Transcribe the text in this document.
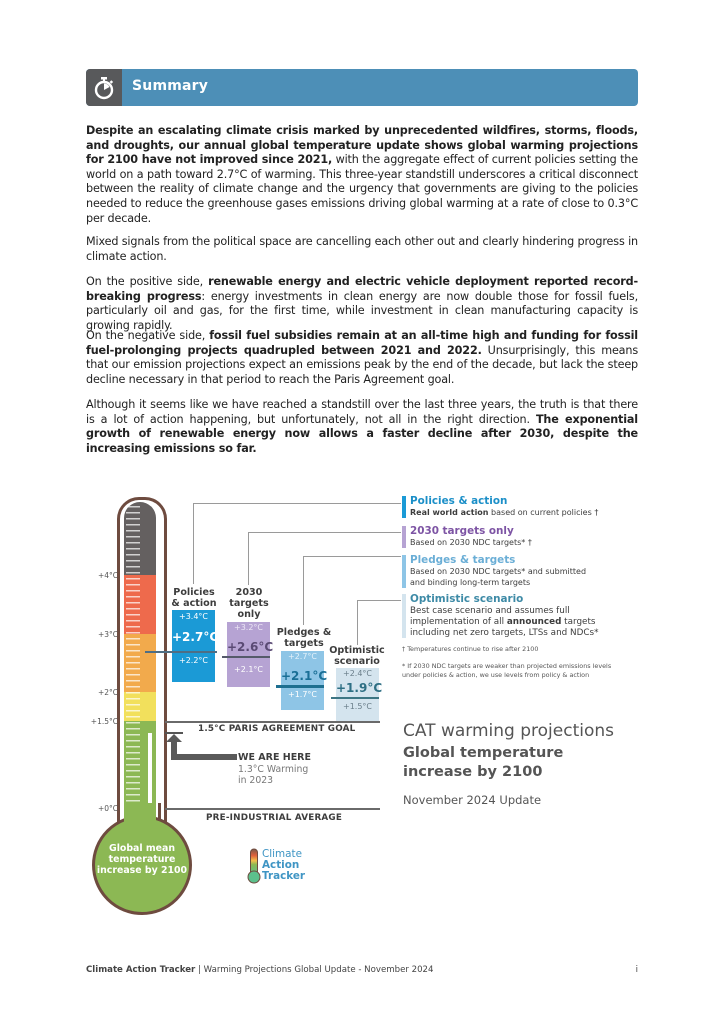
Summary
Despite an escalating climate crisis marked by unprecedented wildfires, storms, floods, and droughts, our annual global temperature update shows global warming projections for 2100 have not improved since 2021, with the aggregate effect of current policies setting the world on a path toward 2.7°C of warming. This three-year standstill underscores a critical disconnect between the reality of climate change and the urgency that governments are giving to the policies needed to reduce the greenhouse gases emissions driving global warming at a rate of close to 0.3°C per decade.
Mixed signals from the political space are cancelling each other out and clearly hindering progress in climate action.
On the positive side, renewable energy and electric vehicle deployment reported record-breaking progress: energy investments in clean energy are now double those for fossil fuels, particularly oil and gas, for the first time, while investment in clean manufacturing capacity is growing rapidly.
On the negative side, fossil fuel subsidies remain at an all-time high and funding for fossil fuel-prolonging projects quadrupled between 2021 and 2022. Unsurprisingly, this means that our emission projections expect an emissions peak by the end of the decade, but lack the steep decline necessary in that period to reach the Paris Agreement goal.
Although it seems like we have reached a standstill over the last three years, the truth is that there is a lot of action happening, but unfortunately, not all in the right direction. The exponential growth of renewable energy now allows a faster decline after 2030, despite the increasing emissions so far.
Global mean temperature increase by 2100
+4°C
+3°C
+2°C
+1.5°C
+0°C
Policies & action
2030 targets only
Pledges & targets
Optimistic scenario
+3.4°C
+2.7°C
+2.2°C
+3.2°C
+2.6°C
+2.1°C
+2.7°C
+2.1°C
+1.7°C
+2.4°C
+1.9°C
+1.5°C
1.5°C PARIS AGREEMENT GOAL
WE ARE HERE
1.3°C Warming
in 2023
PRE-INDUSTRIAL AVERAGE
Policies & action
Real world action based on current policies †
2030 targets only
Based on 2030 NDC targets* †
Pledges & targets
Based on 2030 NDC targets* and submitted and binding long-term targets
Optimistic scenario
Best case scenario and assumes full implementation of all announced targets including net zero targets, LTSs and NDCs*
† Temperatures continue to rise after 2100
* If 2030 NDC targets are weaker than projected emissions levels under policies & action, we use levels from policy & action
CAT warming projections
Global temperature
increase by 2100
November 2024 Update
Climate
Action
Tracker
Climate Action Tracker | Warming Projections Global Update - November 2024	i
